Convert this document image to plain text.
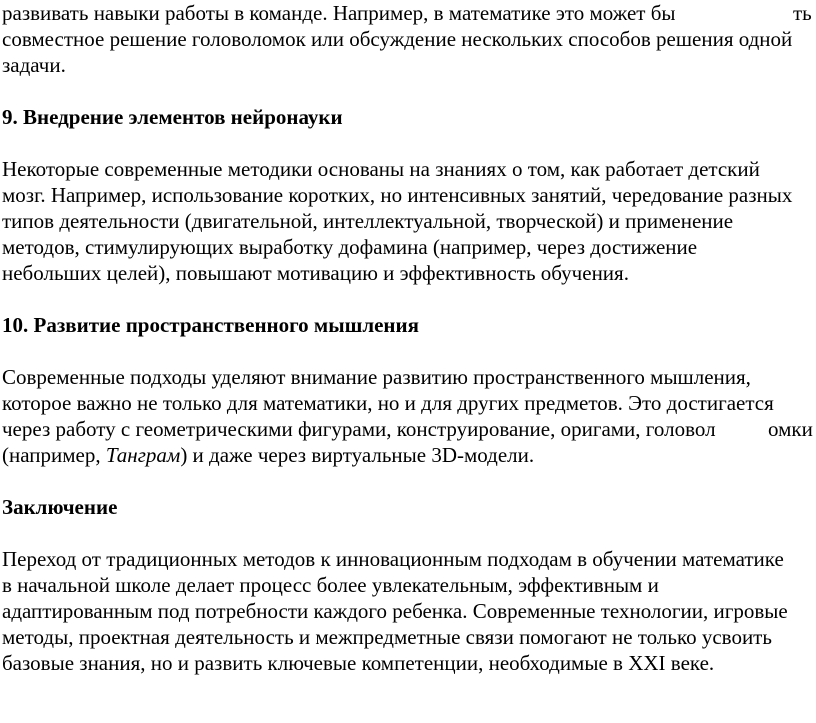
развивать навыки работы в команде. Например, в математике это может бы	ть
совместное решение головоломок или обсуждение нескольких способов решения одной
задачи.
9. Внедрение элементов нейронауки
Некоторые современные методики основаны на знаниях о том, как работает детский
мозг. Например, использование коротких, но интенсивных занятий, чередование разных
типов деятельности (двигательной, интеллектуальной, творческой) и применение
методов, стимулирующих выработку дофамина (например, через достижение
небольших целей), повышают мотивацию и эффективность обучения.
10. Развитие пространственного мышления
Современные подходы уделяют внимание развитию пространственного мышления,
которое важно не только для математики, но и для других предметов. Это достигается
через работу с геометрическими фигурами, конструирование, оригами, головол омки
(например, Танграм) и даже через виртуальные 3D-модели.
Заключение
Переход от традиционных методов к инновационным подходам в обучении математике
в начальной школе делает процесс более увлекательным, эффективным и
адаптированным под потребности каждого ребенка. Современные технологии, игровые
методы, проектная деятельность и межпредметные связи помогают не только усвоить
базовые знания, но и развить ключевые компетенции, необходимые в XXI веке.
